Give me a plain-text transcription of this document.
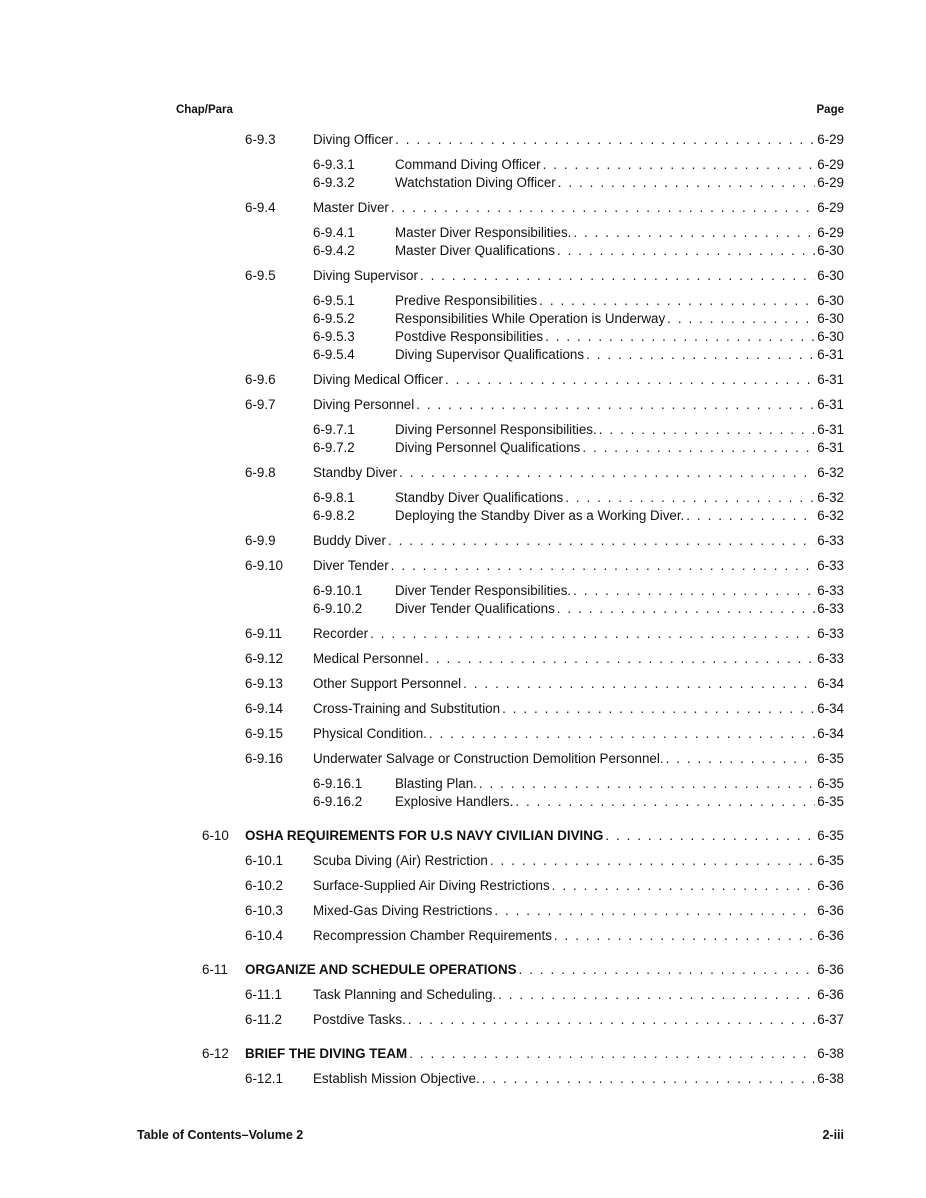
Chap/Para	Page
6-9.3	Diving Officer . . .	6-29
6-9.3.1	Command Diving Officer . . .	6-29
6-9.3.2	Watchstation Diving Officer . . .	6-29
6-9.4	Master Diver . . .	6-29
6-9.4.1	Master Diver Responsibilities. . . .	6-29
6-9.4.2	Master Diver Qualifications . . .	6-30
6-9.5	Diving Supervisor . . .	6-30
6-9.5.1	Predive Responsibilities . . .	6-30
6-9.5.2	Responsibilities While Operation is Underway . . .	6-30
6-9.5.3	Postdive Responsibilities . . .	6-30
6-9.5.4	Diving Supervisor Qualifications . . .	6-31
6-9.6	Diving Medical Officer . . .	6-31
6-9.7	Diving Personnel . . .	6-31
6-9.7.1	Diving Personnel Responsibilities. . . .	6-31
6-9.7.2	Diving Personnel Qualifications . . .	6-31
6-9.8	Standby Diver . . .	6-32
6-9.8.1	Standby Diver Qualifications . . .	6-32
6-9.8.2	Deploying the Standby Diver as a Working Diver. . . .	6-32
6-9.9	Buddy Diver . . .	6-33
6-9.10 Diver Tender . . .	6-33
6-9.10.1 Diver Tender Responsibilities. . . .	6-33
6-9.10.2 Diver Tender Qualifications . . .	6-33
6-9.11 Recorder . . .	6-33
6-9.12 Medical Personnel . . .	6-33
6-9.13 Other Support Personnel . . .	6-34
6-9.14 Cross-Training and Substitution . . .	6-34
6-9.15 Physical Condition. . . .	6-34
6-9.16 Underwater Salvage or Construction Demolition Personnel. . . .	6-35
6-9.16.1 Blasting Plan. . . .	6-35
6-9.16.2 Explosive Handlers. . . .	6-35
6-10 OSHA REQUIREMENTS FOR U.S NAVY CIVILIAN DIVING . . .	6-35
6-10.1 Scuba Diving (Air) Restriction . . .	6-35
6-10.2 Surface-Supplied Air Diving Restrictions . . .	6-36
6-10.3 Mixed-Gas Diving Restrictions . . .	6-36
6-10.4 Recompression Chamber Requirements . . .	6-36
6-11 ORGANIZE AND SCHEDULE OPERATIONS . . .	6-36
6-11.1 Task Planning and Scheduling. . . .	6-36
6-11.2 Postdive Tasks. . . .	6-37
6-12 BRIEF THE DIVING TEAM . . .	6-38
6-12.1 Establish Mission Objective. . . .	6-38
Table of Contents–Volume 2	2-iii
